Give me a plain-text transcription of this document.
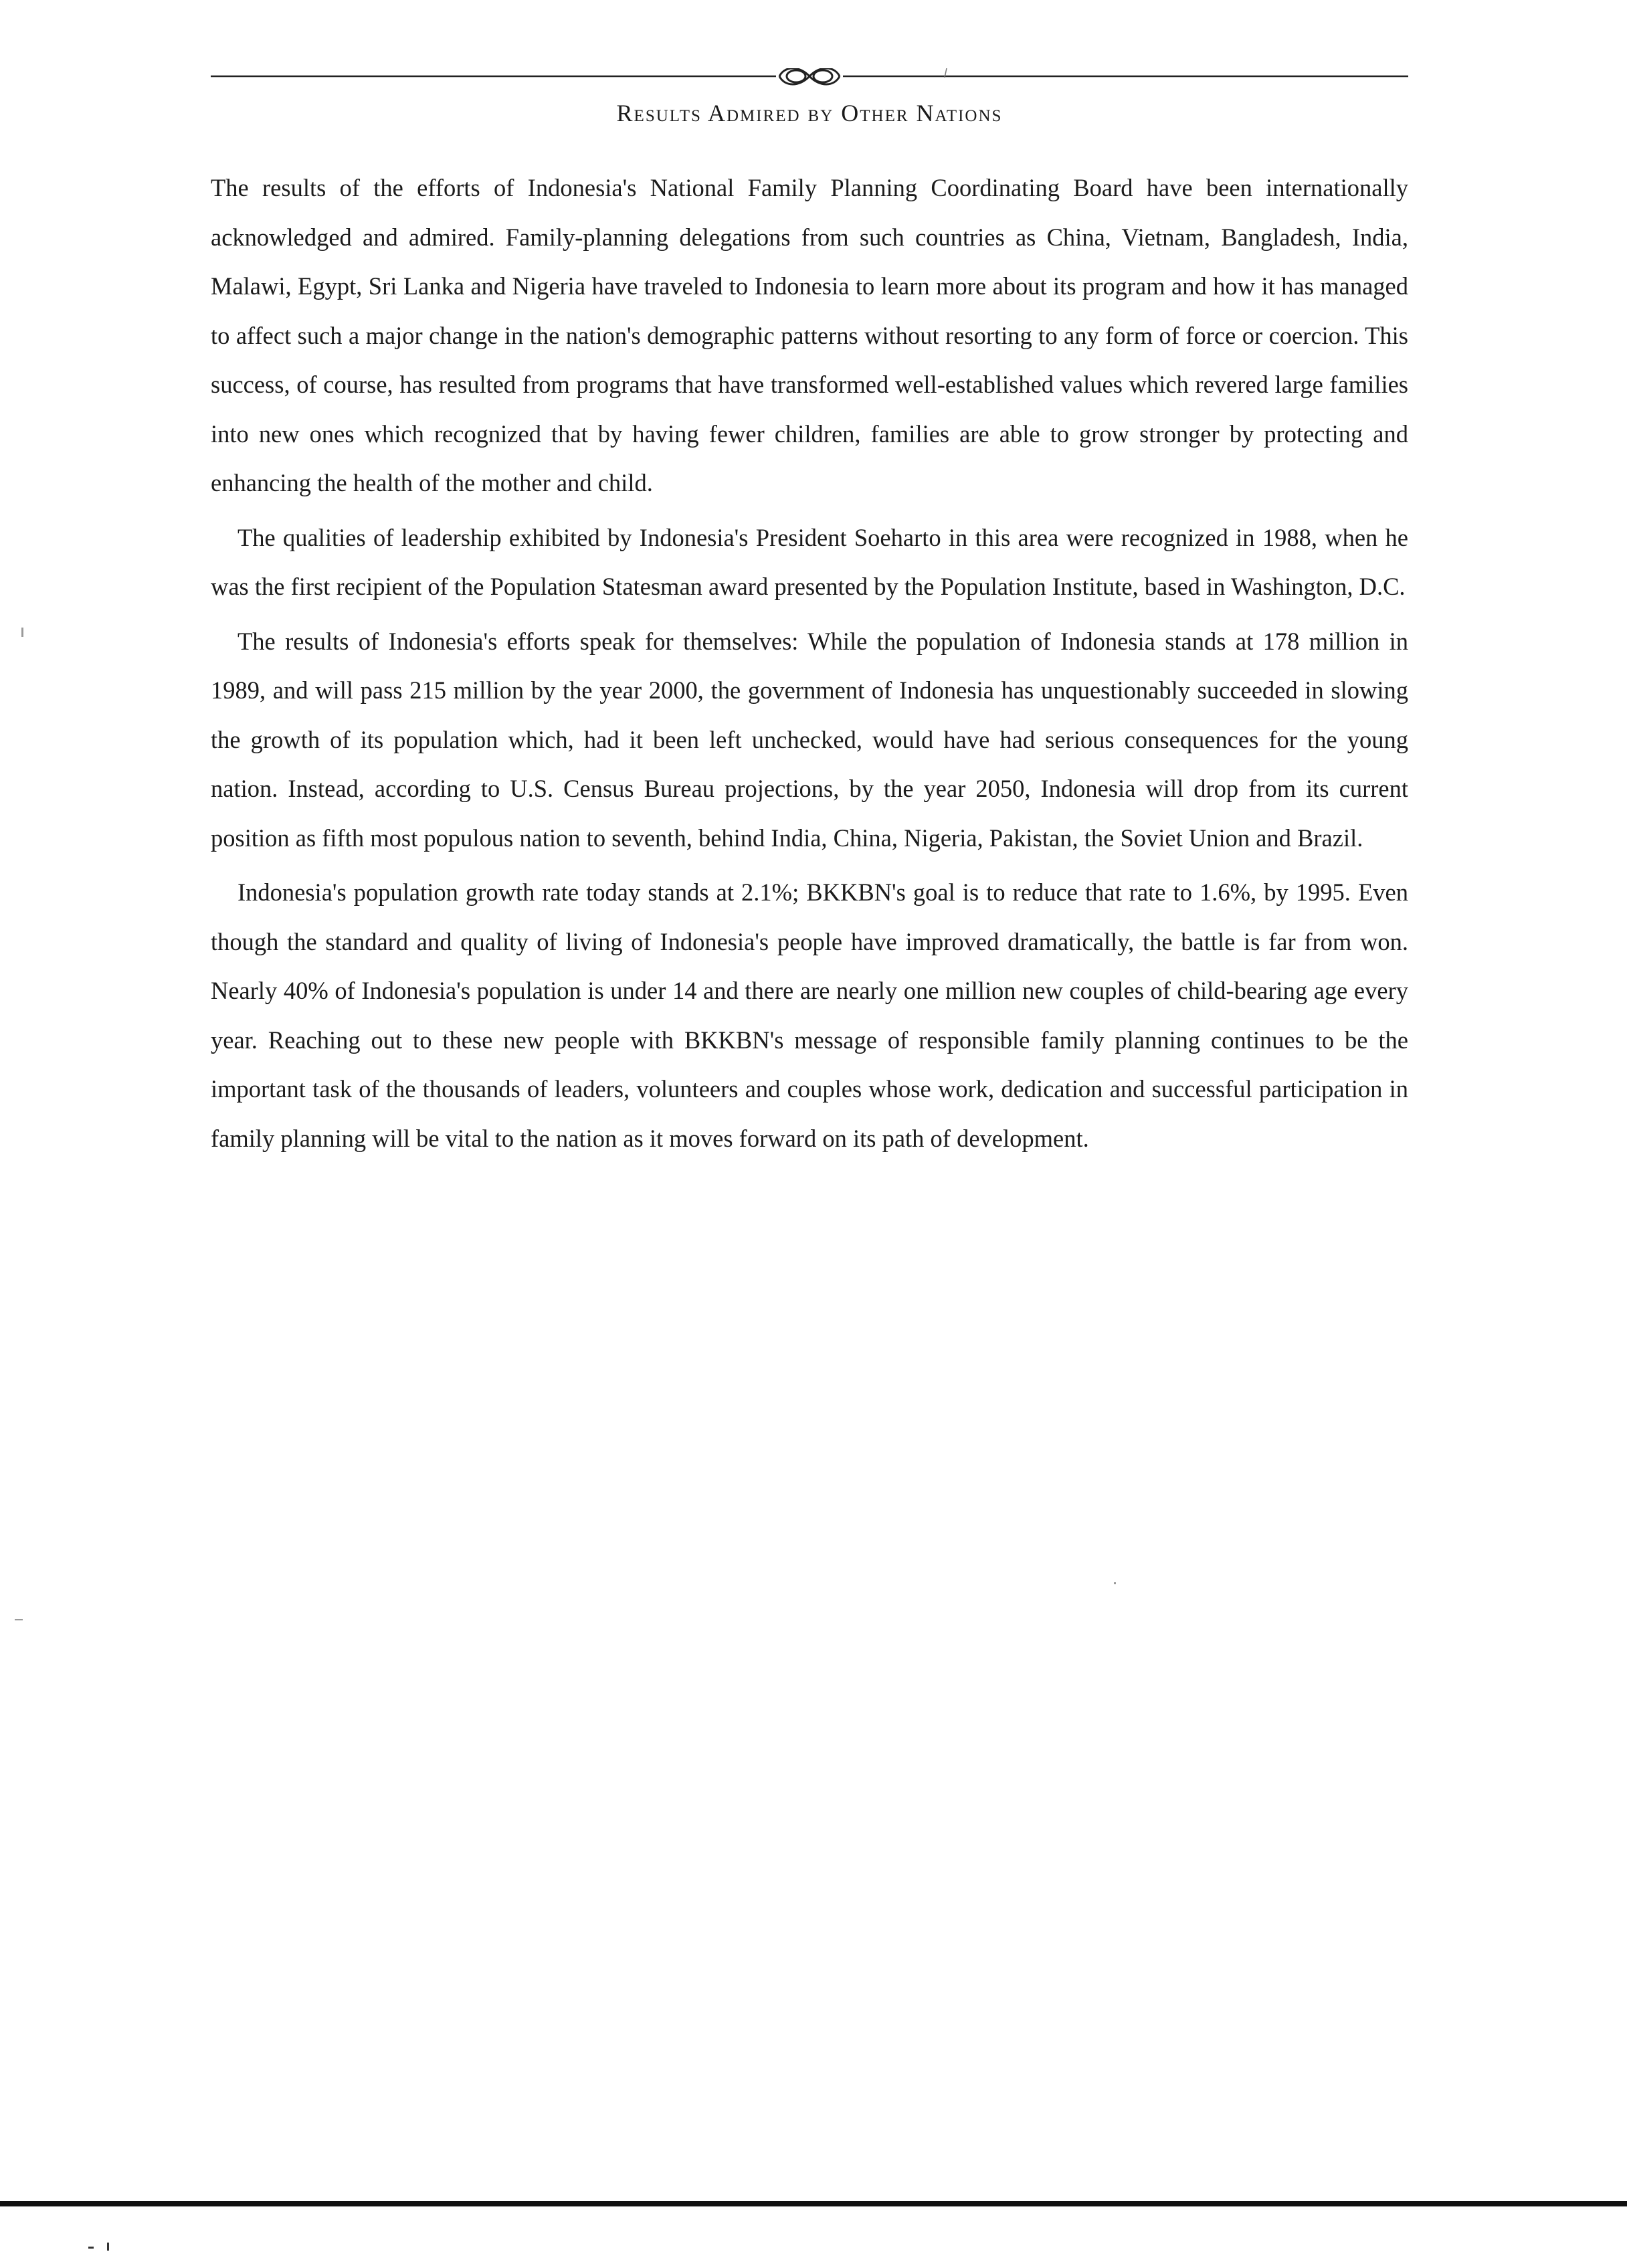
Results Admired by Other Nations

The results of the efforts of Indonesia's National Family Planning Coordinating Board have been internationally acknowledged and admired. Family-planning delegations from such countries as China, Vietnam, Bangladesh, India, Malawi, Egypt, Sri Lanka and Nigeria have traveled to Indonesia to learn more about its program and how it has managed to affect such a major change in the nation's demographic patterns without resorting to any form of force or coercion. This success, of course, has resulted from programs that have transformed well-established values which revered large families into new ones which recognized that by having fewer children, families are able to grow stronger by protecting and enhancing the health of the mother and child.

The qualities of leadership exhibited by Indonesia's President Soeharto in this area were recognized in 1988, when he was the first recipient of the Population Statesman award presented by the Population Institute, based in Washington, D.C.

The results of Indonesia's efforts speak for themselves: While the population of Indonesia stands at 178 million in 1989, and will pass 215 million by the year 2000, the government of Indonesia has unquestionably succeeded in slowing the growth of its population which, had it been left unchecked, would have had serious consequences for the young nation. Instead, according to U.S. Census Bureau projections, by the year 2050, Indonesia will drop from its current position as fifth most populous nation to seventh, behind India, China, Nigeria, Pakistan, the Soviet Union and Brazil.

Indonesia's population growth rate today stands at 2.1%; BKKBN's goal is to reduce that rate to 1.6%, by 1995. Even though the standard and quality of living of Indonesia's people have improved dramatically, the battle is far from won. Nearly 40% of Indonesia's population is under 14 and there are nearly one million new couples of child-bearing age every year. Reaching out to these new people with BKKBN's message of responsible family planning continues to be the important task of the thousands of leaders, volunteers and couples whose work, dedication and successful participation in family planning will be vital to the nation as it moves forward on its path of development.
